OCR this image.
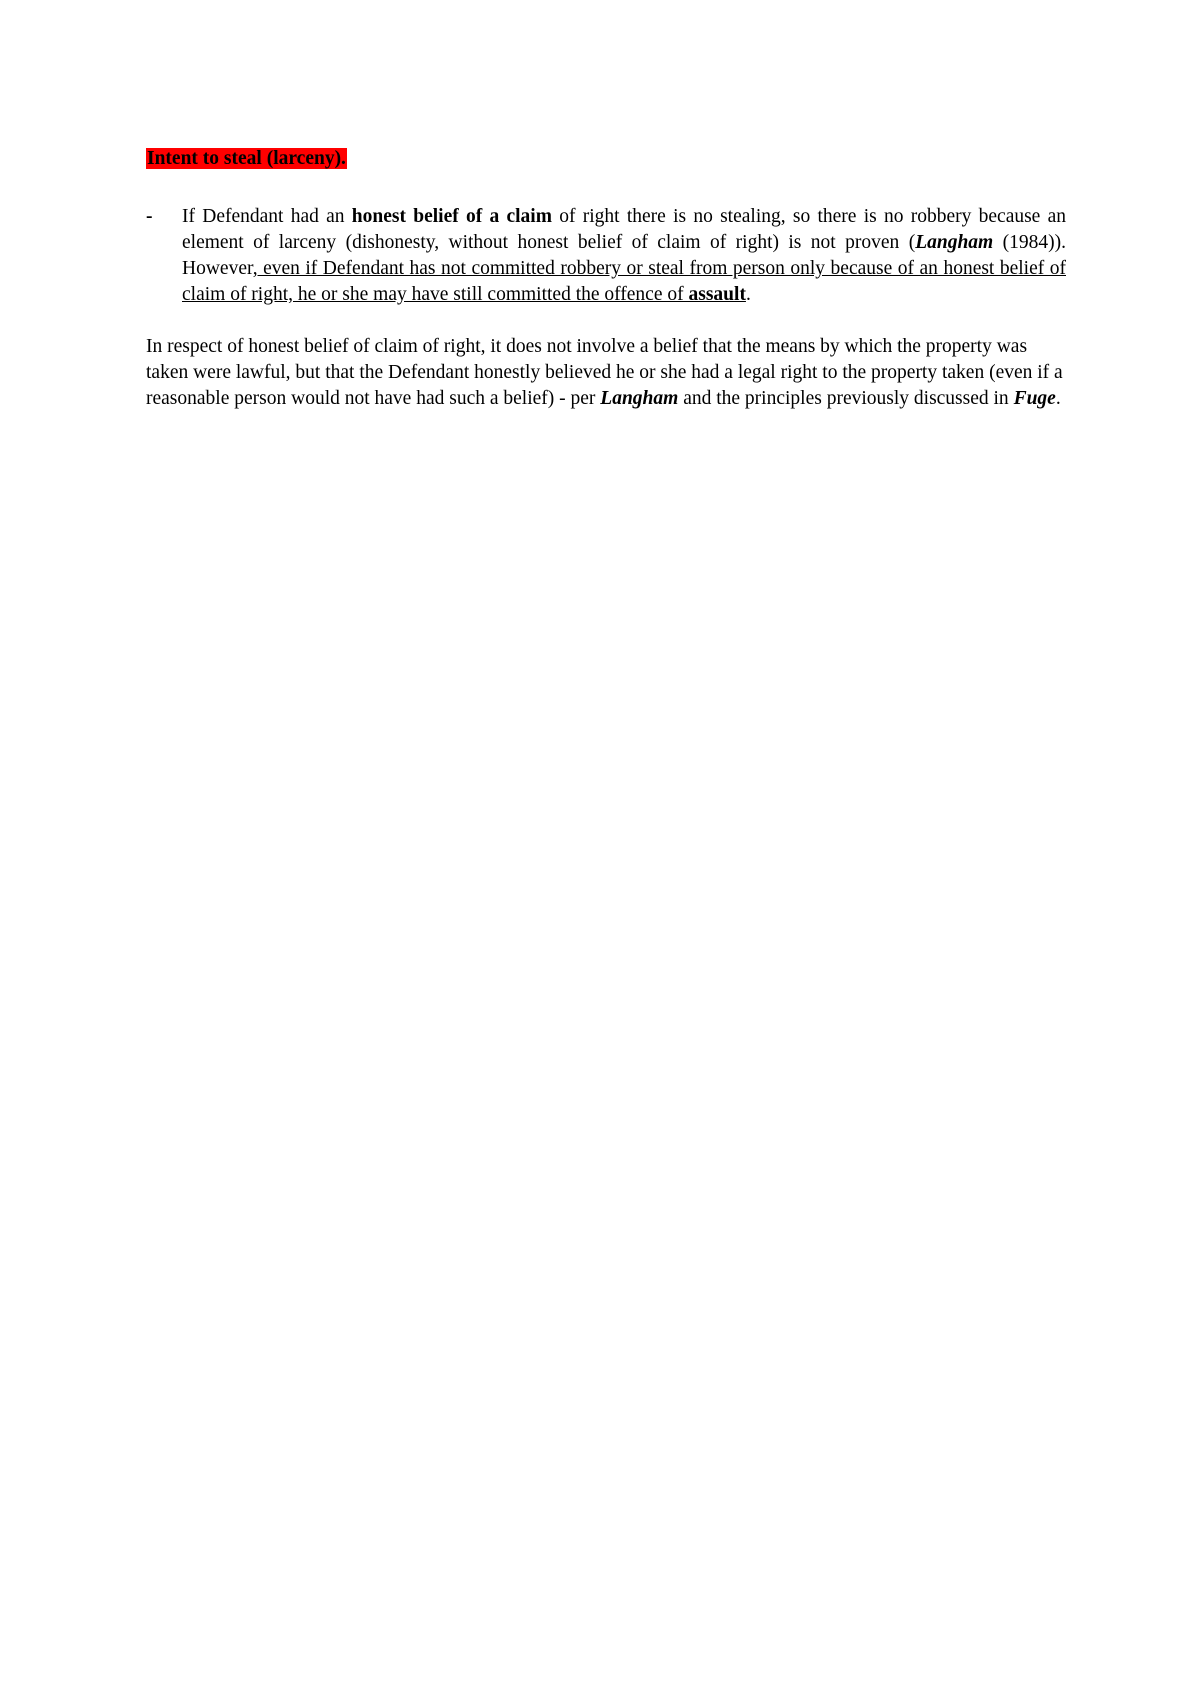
Intent to steal (larceny).

-	If Defendant had an honest belief of a claim of right there is no stealing, so there is no robbery because an element of larceny (dishonesty, without honest belief of claim of right) is not proven (Langham (1984)). However, even if Defendant has not committed robbery or steal from person only because of an honest belief of claim of right, he or she may have still committed the offence of assault.

In respect of honest belief of claim of right, it does not involve a belief that the means by which the property was taken were lawful, but that the Defendant honestly believed he or she had a legal right to the property taken (even if a reasonable person would not have had such a belief) - per Langham and the principles previously discussed in Fuge.
